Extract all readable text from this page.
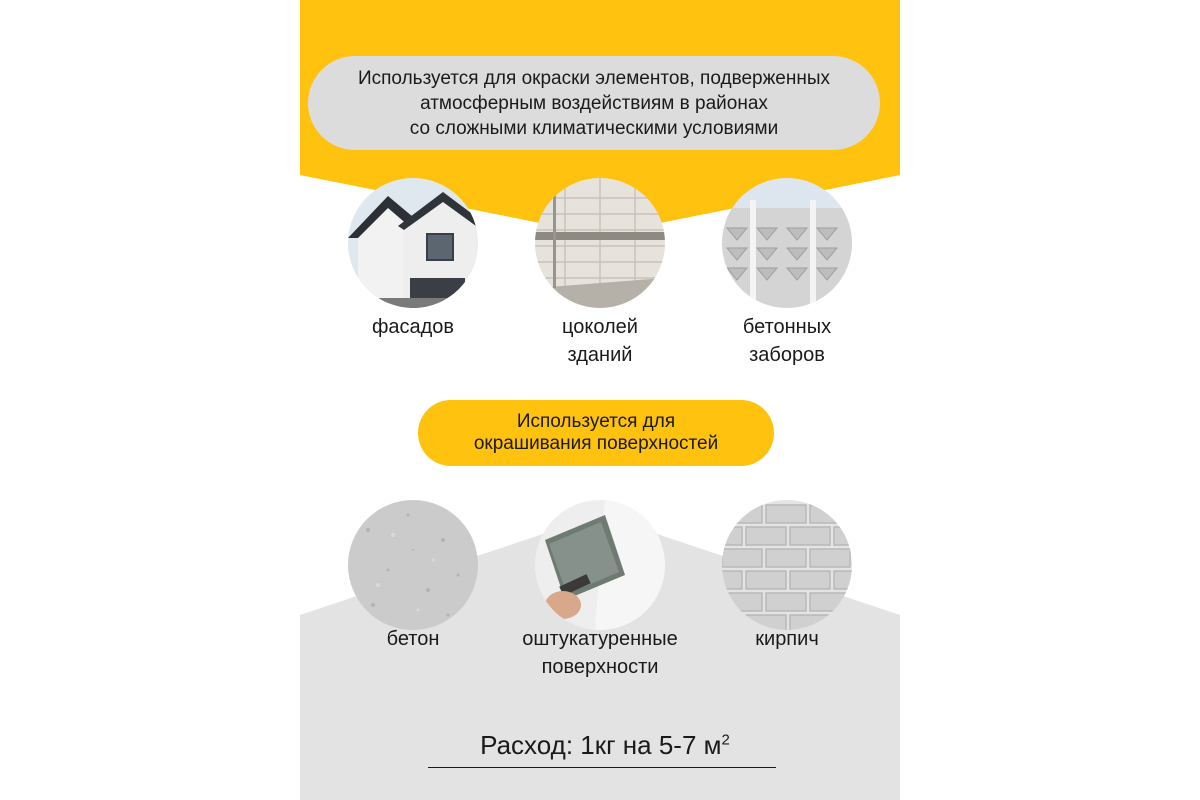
Используется для окраски элементов, подверженных
атмосферным воздействиям в районах
со сложными климатическими условиями
фасадов	цоколей
зданий
бетонных
заборов
Используется для
окрашивания поверхностей
бетон	оштукатуренные
поверхности
кирпич
Расход: 1кг на 5-7 $м^2$
